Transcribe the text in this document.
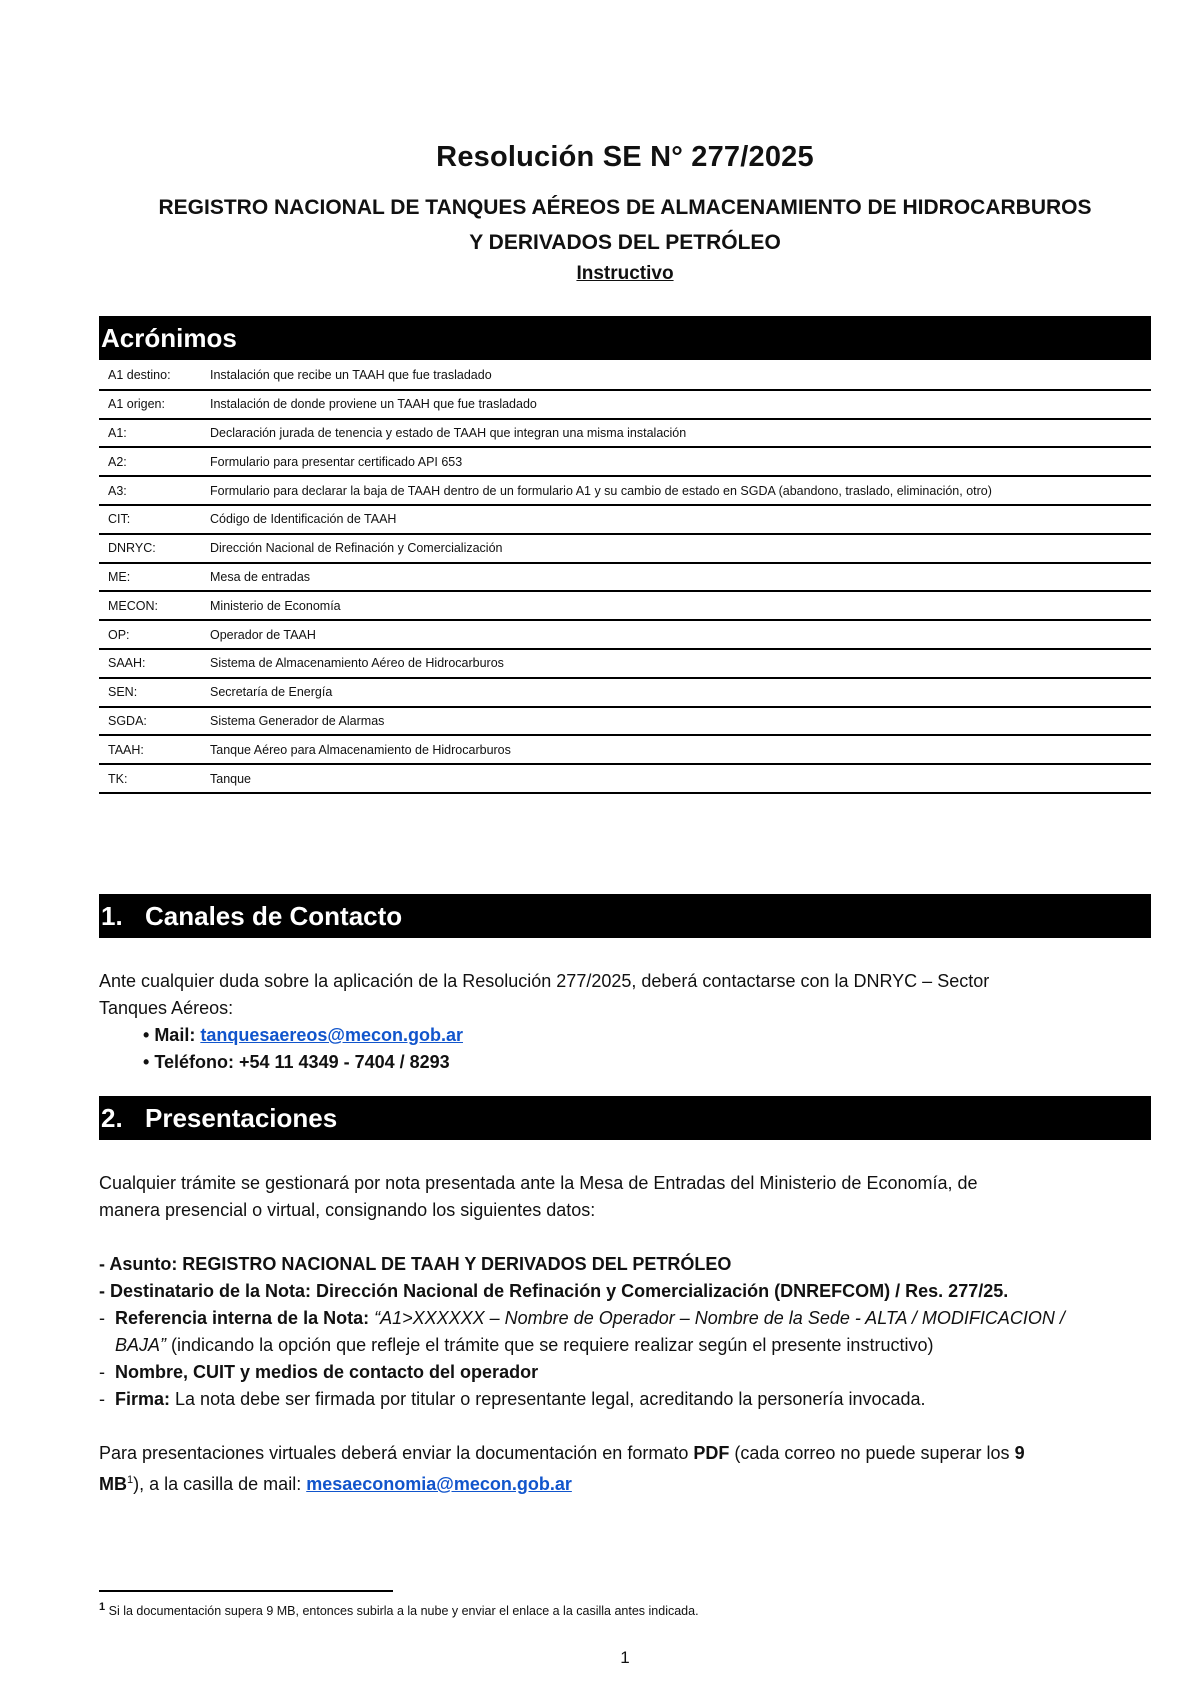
Resolución SE N° 277/2025
REGISTRO NACIONAL DE TANQUES AÉREOS DE ALMACENAMIENTO DE HIDROCARBUROS
Y DERIVADOS DEL PETRÓLEO
Instructivo
Acrónimos
A1 destino:	Instalación que recibe un TAAH que fue trasladado
A1 origen:	Instalación de donde proviene un TAAH que fue trasladado
A1:	Declaración jurada de tenencia y estado de TAAH que integran una misma instalación
A2:	Formulario para presentar certificado API 653
A3:	Formulario para declarar la baja de TAAH dentro de un formulario A1 y su cambio de estado en SGDA (abandono, traslado, eliminación, otro)
CIT:	Código de Identificación de TAAH
DNRYC:	Dirección Nacional de Refinación y Comercialización
ME:	Mesa de entradas
MECON:	Ministerio de Economía
OP:	Operador de TAAH
SAAH:	Sistema de Almacenamiento Aéreo de Hidrocarburos
SEN:	Secretaría de Energía
SGDA:	Sistema Generador de Alarmas
TAAH:	Tanque Aéreo para Almacenamiento de Hidrocarburos
TK:	Tanque
1. Canales de Contacto
Ante cualquier duda sobre la aplicación de la Resolución 277/2025, deberá contactarse con la DNRYC – Sector
Tanques Aéreos:
• Mail: tanquesaereos@mecon.gob.ar
• Teléfono: +54 11 4349 - 7404 / 8293
2. Presentaciones
Cualquier trámite se gestionará por nota presentada ante la Mesa de Entradas del Ministerio de Economía, de
manera presencial o virtual, consignando los siguientes datos:
- Asunto: REGISTRO NACIONAL DE TAAH Y DERIVADOS DEL PETRÓLEO
- Destinatario de la Nota: Dirección Nacional de Refinación y Comercialización (DNREFCOM) / Res. 277/25.
- Referencia interna de la Nota: “A1>XXXXXX – Nombre de Operador – Nombre de la Sede - ALTA / MODIFICACION /
BAJA” (indicando la opción que refleje el trámite que se requiere realizar según el presente instructivo)
- Nombre, CUIT y medios de contacto del operador
- Firma: La nota debe ser firmada por titular o representante legal, acreditando la personería invocada.
Para presentaciones virtuales deberá enviar la documentación en formato PDF (cada correo no puede superar los 9
$MB^1$), a la casilla de mail: mesaeconomia@mecon.gob.ar
$^1$ Si la documentación supera 9 MB, entonces subirla a la nube y enviar el enlace a la casilla antes indicada.
1
